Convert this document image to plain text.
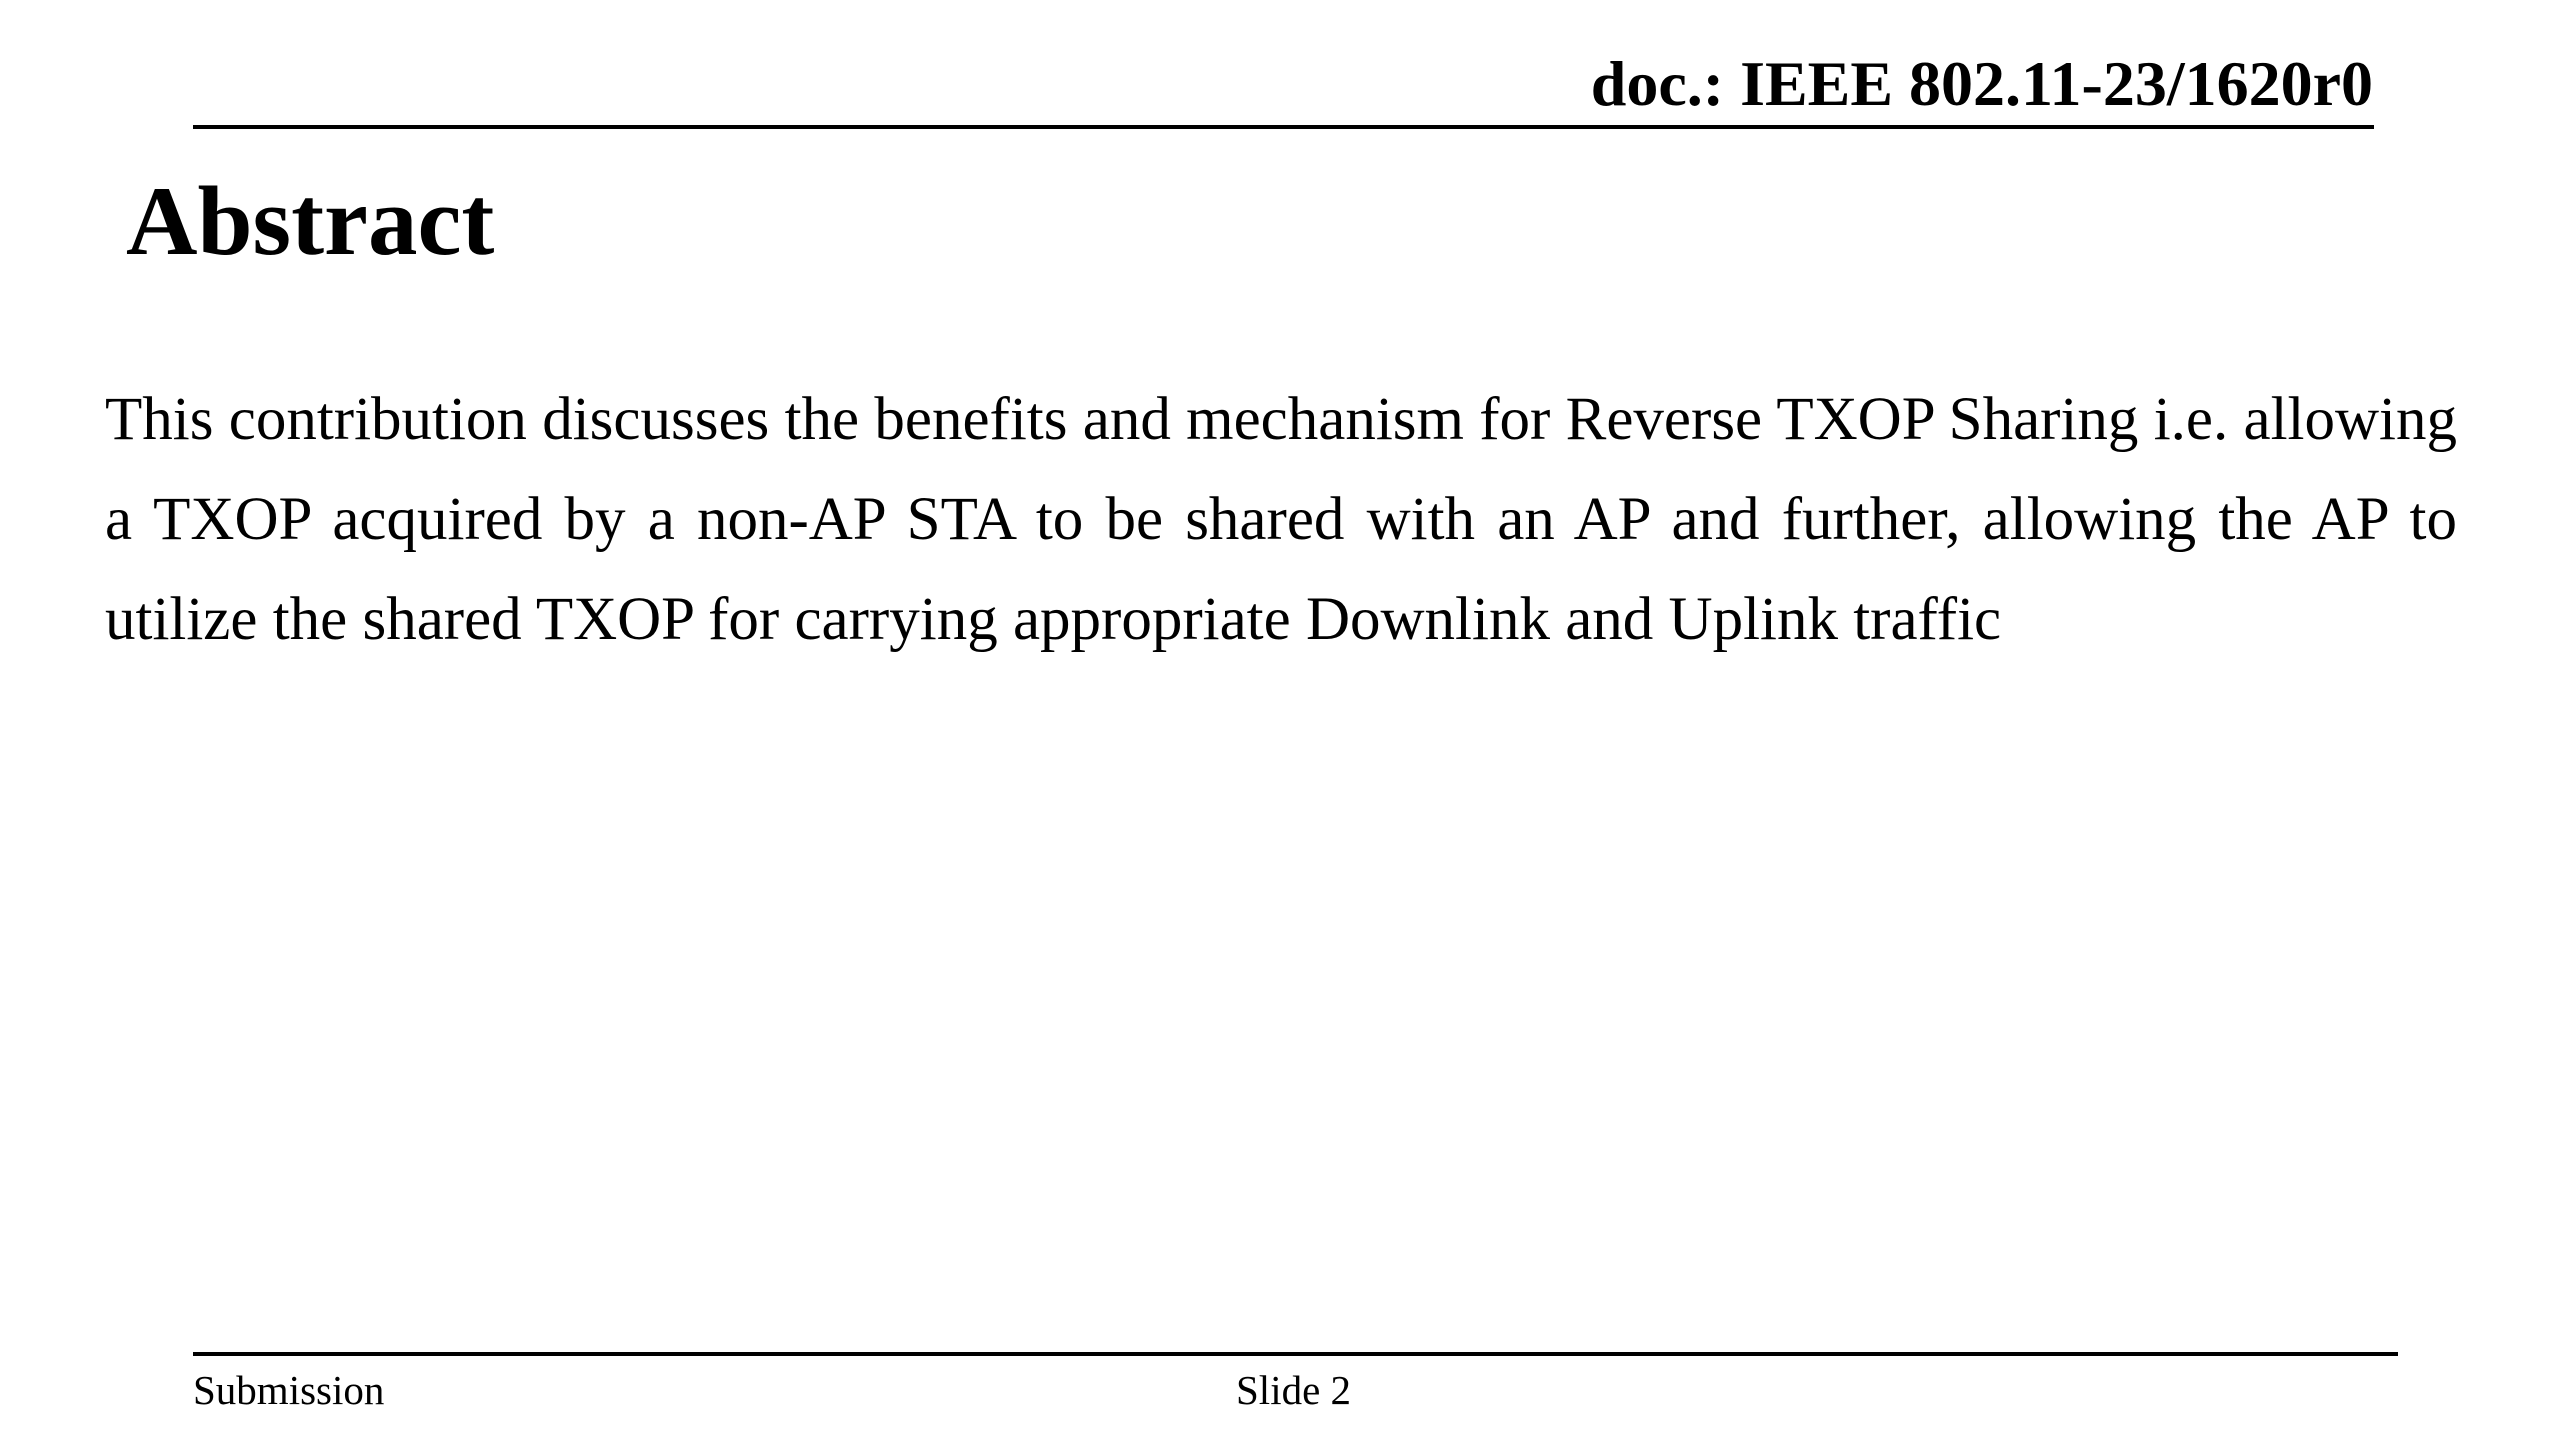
doc.: IEEE 802.11-23/1620r0
Abstract

This contribution discusses the benefits and mechanism for Reverse TXOP Sharing i.e. allowing a TXOP acquired by a non-AP STA to be shared with an AP and further, allowing the AP to utilize the shared TXOP for carrying appropriate Downlink and Uplink traffic

Submission	Slide 2
